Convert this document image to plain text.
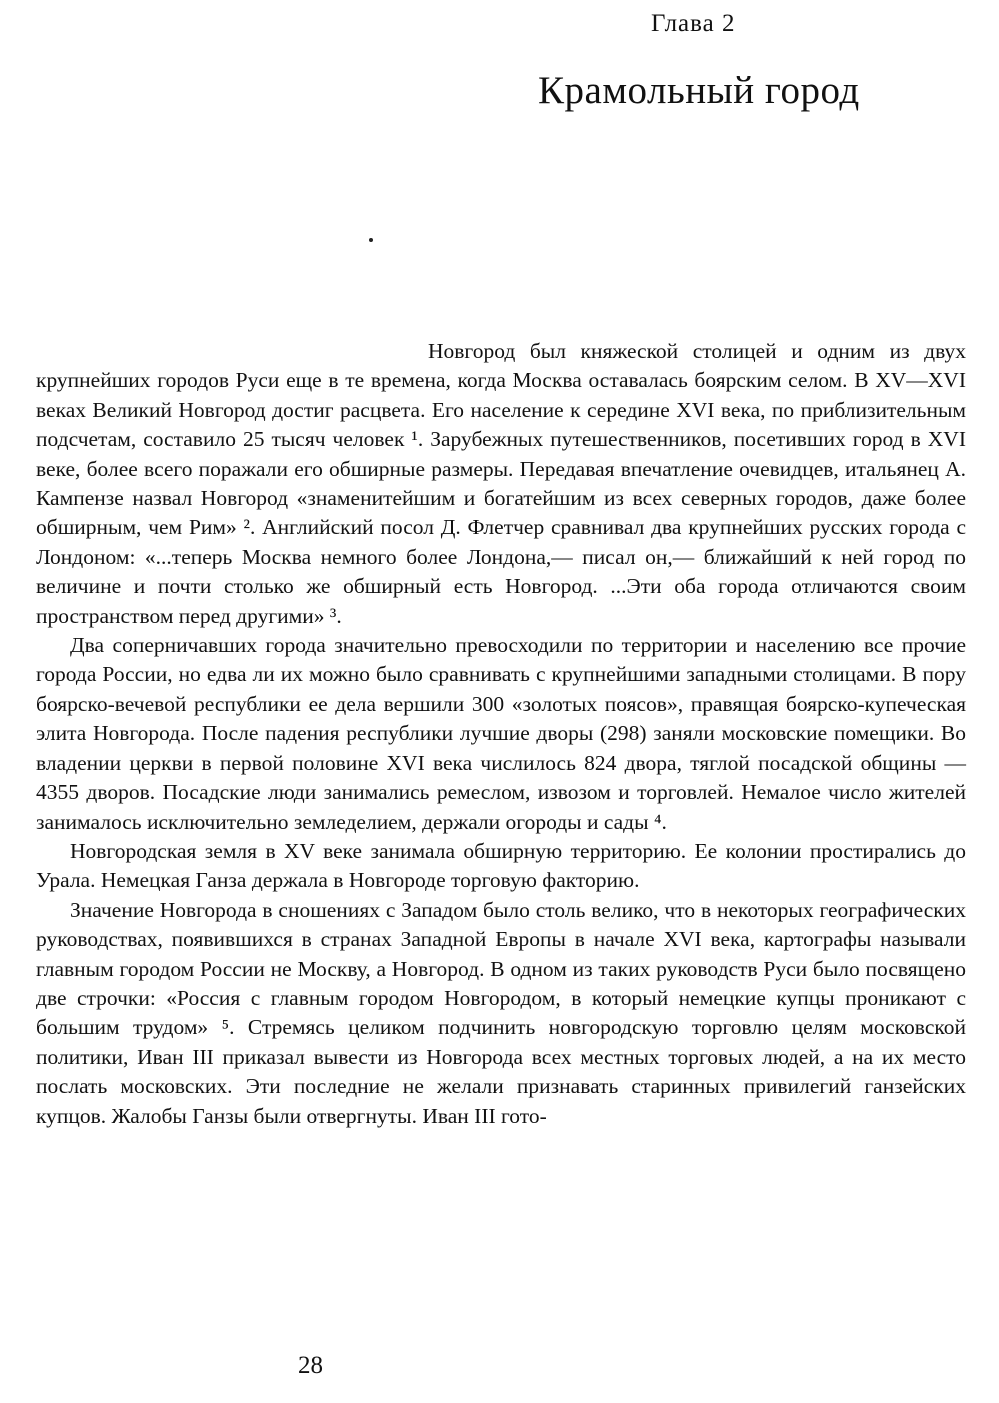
Глава 2
Крамольный город

Новгород был княжеской столицей и одним из двух крупнейших городов Руси еще в те времена, когда Москва оставалась боярским селом. В XV—XVI веках Великий Новгород достиг расцвета. Его население к середине XVI века, по приблизительным подсчетам, составило 25 тысяч человек ¹. Зарубежных путешественников, посетивших город в XVI веке, более всего поражали его обширные размеры. Передавая впечатление очевидцев, итальянец А. Кампензе назвал Новгород «знаменитейшим и богатейшим из всех северных городов, даже более обширным, чем Рим» ². Английский посол Д. Флетчер сравнивал два крупнейших русских города с Лондоном: «...теперь Москва немного более Лондона,— писал он,— ближайший к ней город по величине и почти столько же обширный есть Новгород. ...Эти оба города отличаются своим пространством перед другими» ³.

Два соперничавших города значительно превосходили по территории и населению все прочие города России, но едва ли их можно было сравнивать с крупнейшими западными столицами. В пору боярско-вечевой республики ее дела вершили 300 «золотых поясов», правящая боярско-купеческая элита Новгорода. После падения республики лучшие дворы (298) заняли московские помещики. Во владении церкви в первой половине XVI века числилось 824 двора, тяглой посадской общины — 4355 дворов. Посадские люди занимались ремеслом, извозом и торговлей. Немалое число жителей занималось исключительно земледелием, держали огороды и сады ⁴.

Новгородская земля в XV веке занимала обширную территорию. Ее колонии простирались до Урала. Немецкая Ганза держала в Новгороде торговую факторию.

Значение Новгорода в сношениях с Западом было столь велико, что в некоторых географических руководствах, появившихся в странах Западной Европы в начале XVI века, картографы называли главным городом России не Москву, а Новгород. В одном из таких руководств Руси было посвящено две строчки: «Россия с главным городом Новгородом, в который немецкие купцы проникают с большим трудом» ⁵. Стремясь целиком подчинить новгородскую торговлю целям московской политики, Иван III приказал вывести из Новгорода всех местных торговых людей, а на их место послать московских. Эти последние не желали признавать старинных привилегий ганзейских купцов. Жалобы Ганзы были отвергнуты. Иван III гото-

28
